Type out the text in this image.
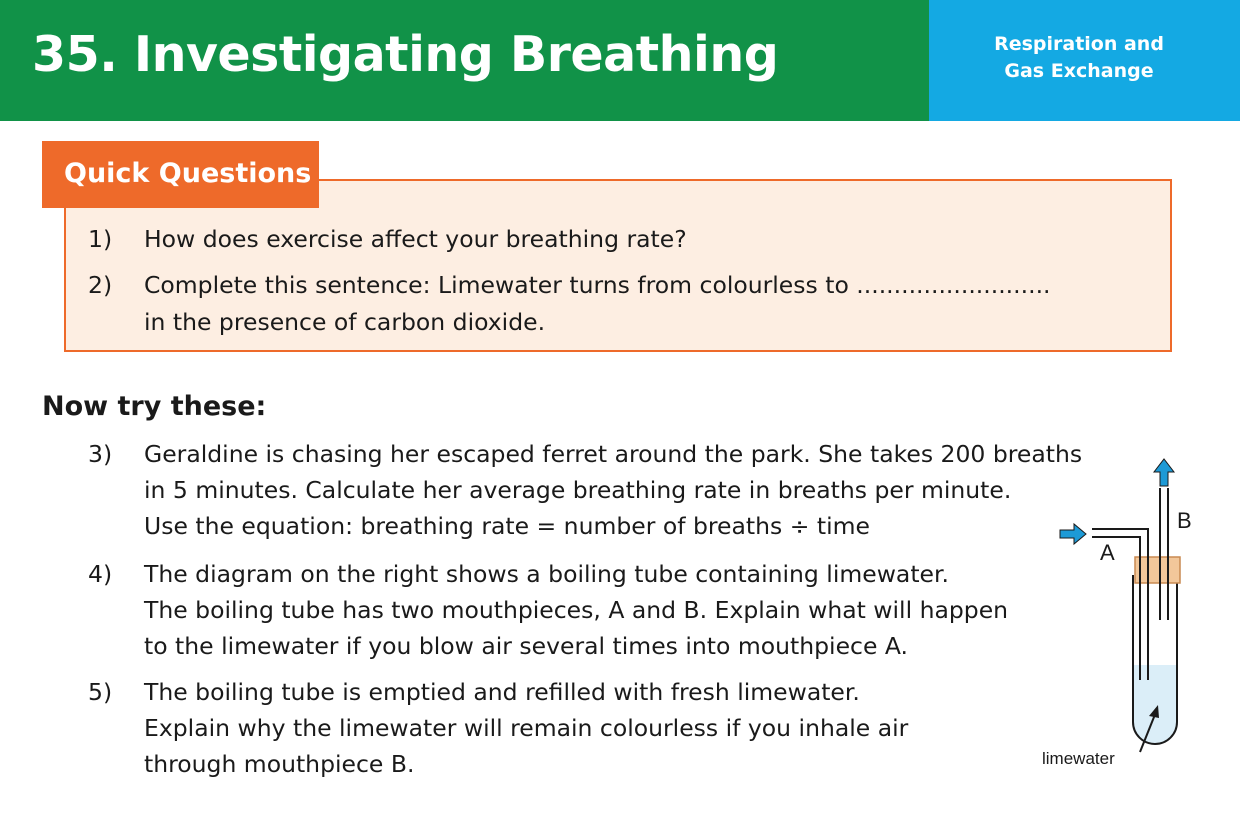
35. Investigating Breathing	Respiration and
Gas Exchange
Quick Questions
1) How does exercise affect your breathing rate?
2) Complete this sentence: Limewater turns from colourless to ..........................
in the presence of carbon dioxide.
Now try these:
3) Geraldine is chasing her escaped ferret around the park. She takes 200 breaths
in 5 minutes. Calculate her average breathing rate in breaths per minute.
Use the equation: breathing rate = number of breaths ÷ time
4) The diagram on the right shows a boiling tube containing limewater.
The boiling tube has two mouthpieces, A and B. Explain what will happen
to the limewater if you blow air several times into mouthpiece A.
5) The boiling tube is emptied and refilled with fresh limewater.
Explain why the limewater will remain colourless if you inhale air
through mouthpiece B.
A
B
limewater
